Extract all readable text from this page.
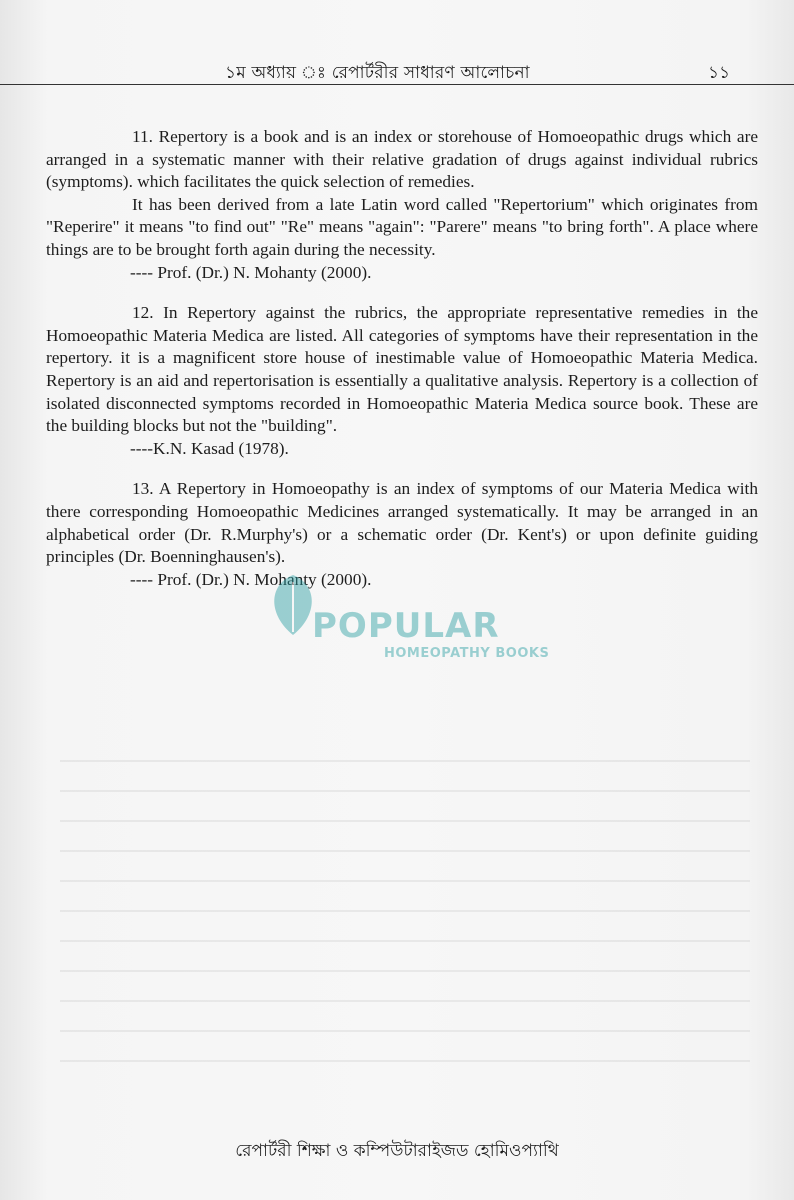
১ম অধ্যায় ঃ রেপার্টরীর সাধারণ আলোচনা	১১

11. Repertory is a book and is an index or storehouse of Homoeopathic drugs which are arranged in a systematic manner with their relative gradation of drugs against individual rubrics (symptoms). which facilitates the quick selection of remedies.

It has been derived from a late Latin word called "Repertorium" which originates from "Reperire" it means "to find out" "Re" means "again": "Parere" means "to bring forth". A place where things are to be brought forth again during the necessity.

---- Prof. (Dr.) N. Mohanty (2000).

12. In Repertory against the rubrics, the appropriate representative remedies in the Homoeopathic Materia Medica are listed. All categories of symptoms have their representation in the repertory. it is a magnificent store house of inestimable value of Homoeopathic Materia Medica. Repertory is an aid and repertorisation is essentially a qualitative analysis. Repertory is a collection of isolated disconnected symptoms recorded in Homoeopathic Materia Medica source book. These are the building blocks but not the "building".

----K.N. Kasad (1978).

13. A Repertory in Homoeopathy is an index of symptoms of our Materia Medica with there corresponding Homoeopathic Medicines arranged systematically. It may be arranged in an alphabetical order (Dr. R.Murphy's) or a schematic order (Dr. Kent's) or upon definite guiding principles (Dr. Boenninghausen's).

---- Prof. (Dr.) N. Mohanty (2000).

POPULAR
HOMEOPATHY BOOKS
রেপার্টরী শিক্ষা ও কম্পিউটারাইজড হোমিওপ্যাথি
